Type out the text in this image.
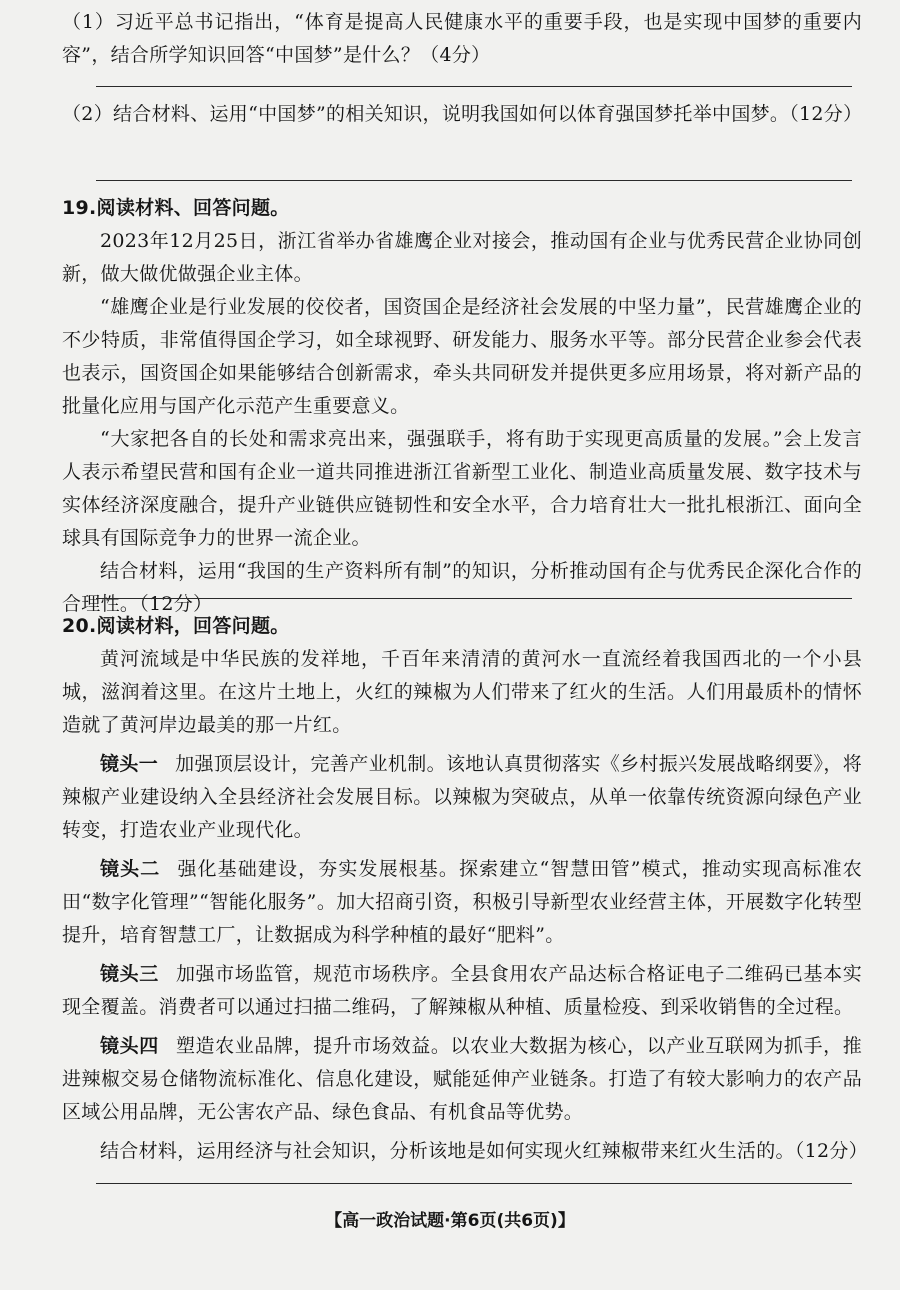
（1）习近平总书记指出，“体育是提高人民健康水平的重要手段，也是实现中国梦的重要内容”，结合所学知识回答“中国梦”是什么？（4分）

（2）结合材料、运用“中国梦”的相关知识，说明我国如何以体育强国梦托举中国梦。（12分）

19.阅读材料、回答问题。

2023年12月25日，浙江省举办省雄鹰企业对接会，推动国有企业与优秀民营企业协同创新，做大做优做强企业主体。

“雄鹰企业是行业发展的佼佼者，国资国企是经济社会发展的中坚力量”，民营雄鹰企业的不少特质，非常值得国企学习，如全球视野、研发能力、服务水平等。部分民营企业参会代表也表示，国资国企如果能够结合创新需求，牵头共同研发并提供更多应用场景，将对新产品的批量化应用与国产化示范产生重要意义。

“大家把各自的长处和需求亮出来，强强联手，将有助于实现更高质量的发展。”会上发言人表示希望民营和国有企业一道共同推进浙江省新型工业化、制造业高质量发展、数字技术与实体经济深度融合，提升产业链供应链韧性和安全水平，合力培育壮大一批扎根浙江、面向全球具有国际竞争力的世界一流企业。

结合材料，运用“我国的生产资料所有制”的知识，分析推动国有企与优秀民企深化合作的合理性。（12分）

20.阅读材料，回答问题。

黄河流域是中华民族的发祥地，千百年来清清的黄河水一直流经着我国西北的一个小县城，滋润着这里。在这片土地上，火红的辣椒为人们带来了红火的生活。人们用最质朴的情怀造就了黄河岸边最美的那一片红。

镜头一 加强顶层设计，完善产业机制。该地认真贯彻落实《乡村振兴发展战略纲要》，将辣椒产业建设纳入全县经济社会发展目标。以辣椒为突破点，从单一依靠传统资源向绿色产业转变，打造农业产业现代化。

镜头二 强化基础建设，夯实发展根基。探索建立“智慧田管”模式，推动实现高标准农田“数字化管理”“智能化服务”。加大招商引资，积极引导新型农业经营主体，开展数字化转型提升，培育智慧工厂，让数据成为科学种植的最好“肥料”。

镜头三 加强市场监管，规范市场秩序。全县食用农产品达标合格证电子二维码已基本实现全覆盖。消费者可以通过扫描二维码，了解辣椒从种植、质量检疫、到采收销售的全过程。

镜头四 塑造农业品牌，提升市场效益。以农业大数据为核心，以产业互联网为抓手，推进辣椒交易仓储物流标准化、信息化建设，赋能延伸产业链条。打造了有较大影响力的农产品区域公用品牌，无公害农产品、绿色食品、有机食品等优势。

结合材料，运用经济与社会知识，分析该地是如何实现火红辣椒带来红火生活的。（12分）

【高一政治试题·第6页(共6页)】
